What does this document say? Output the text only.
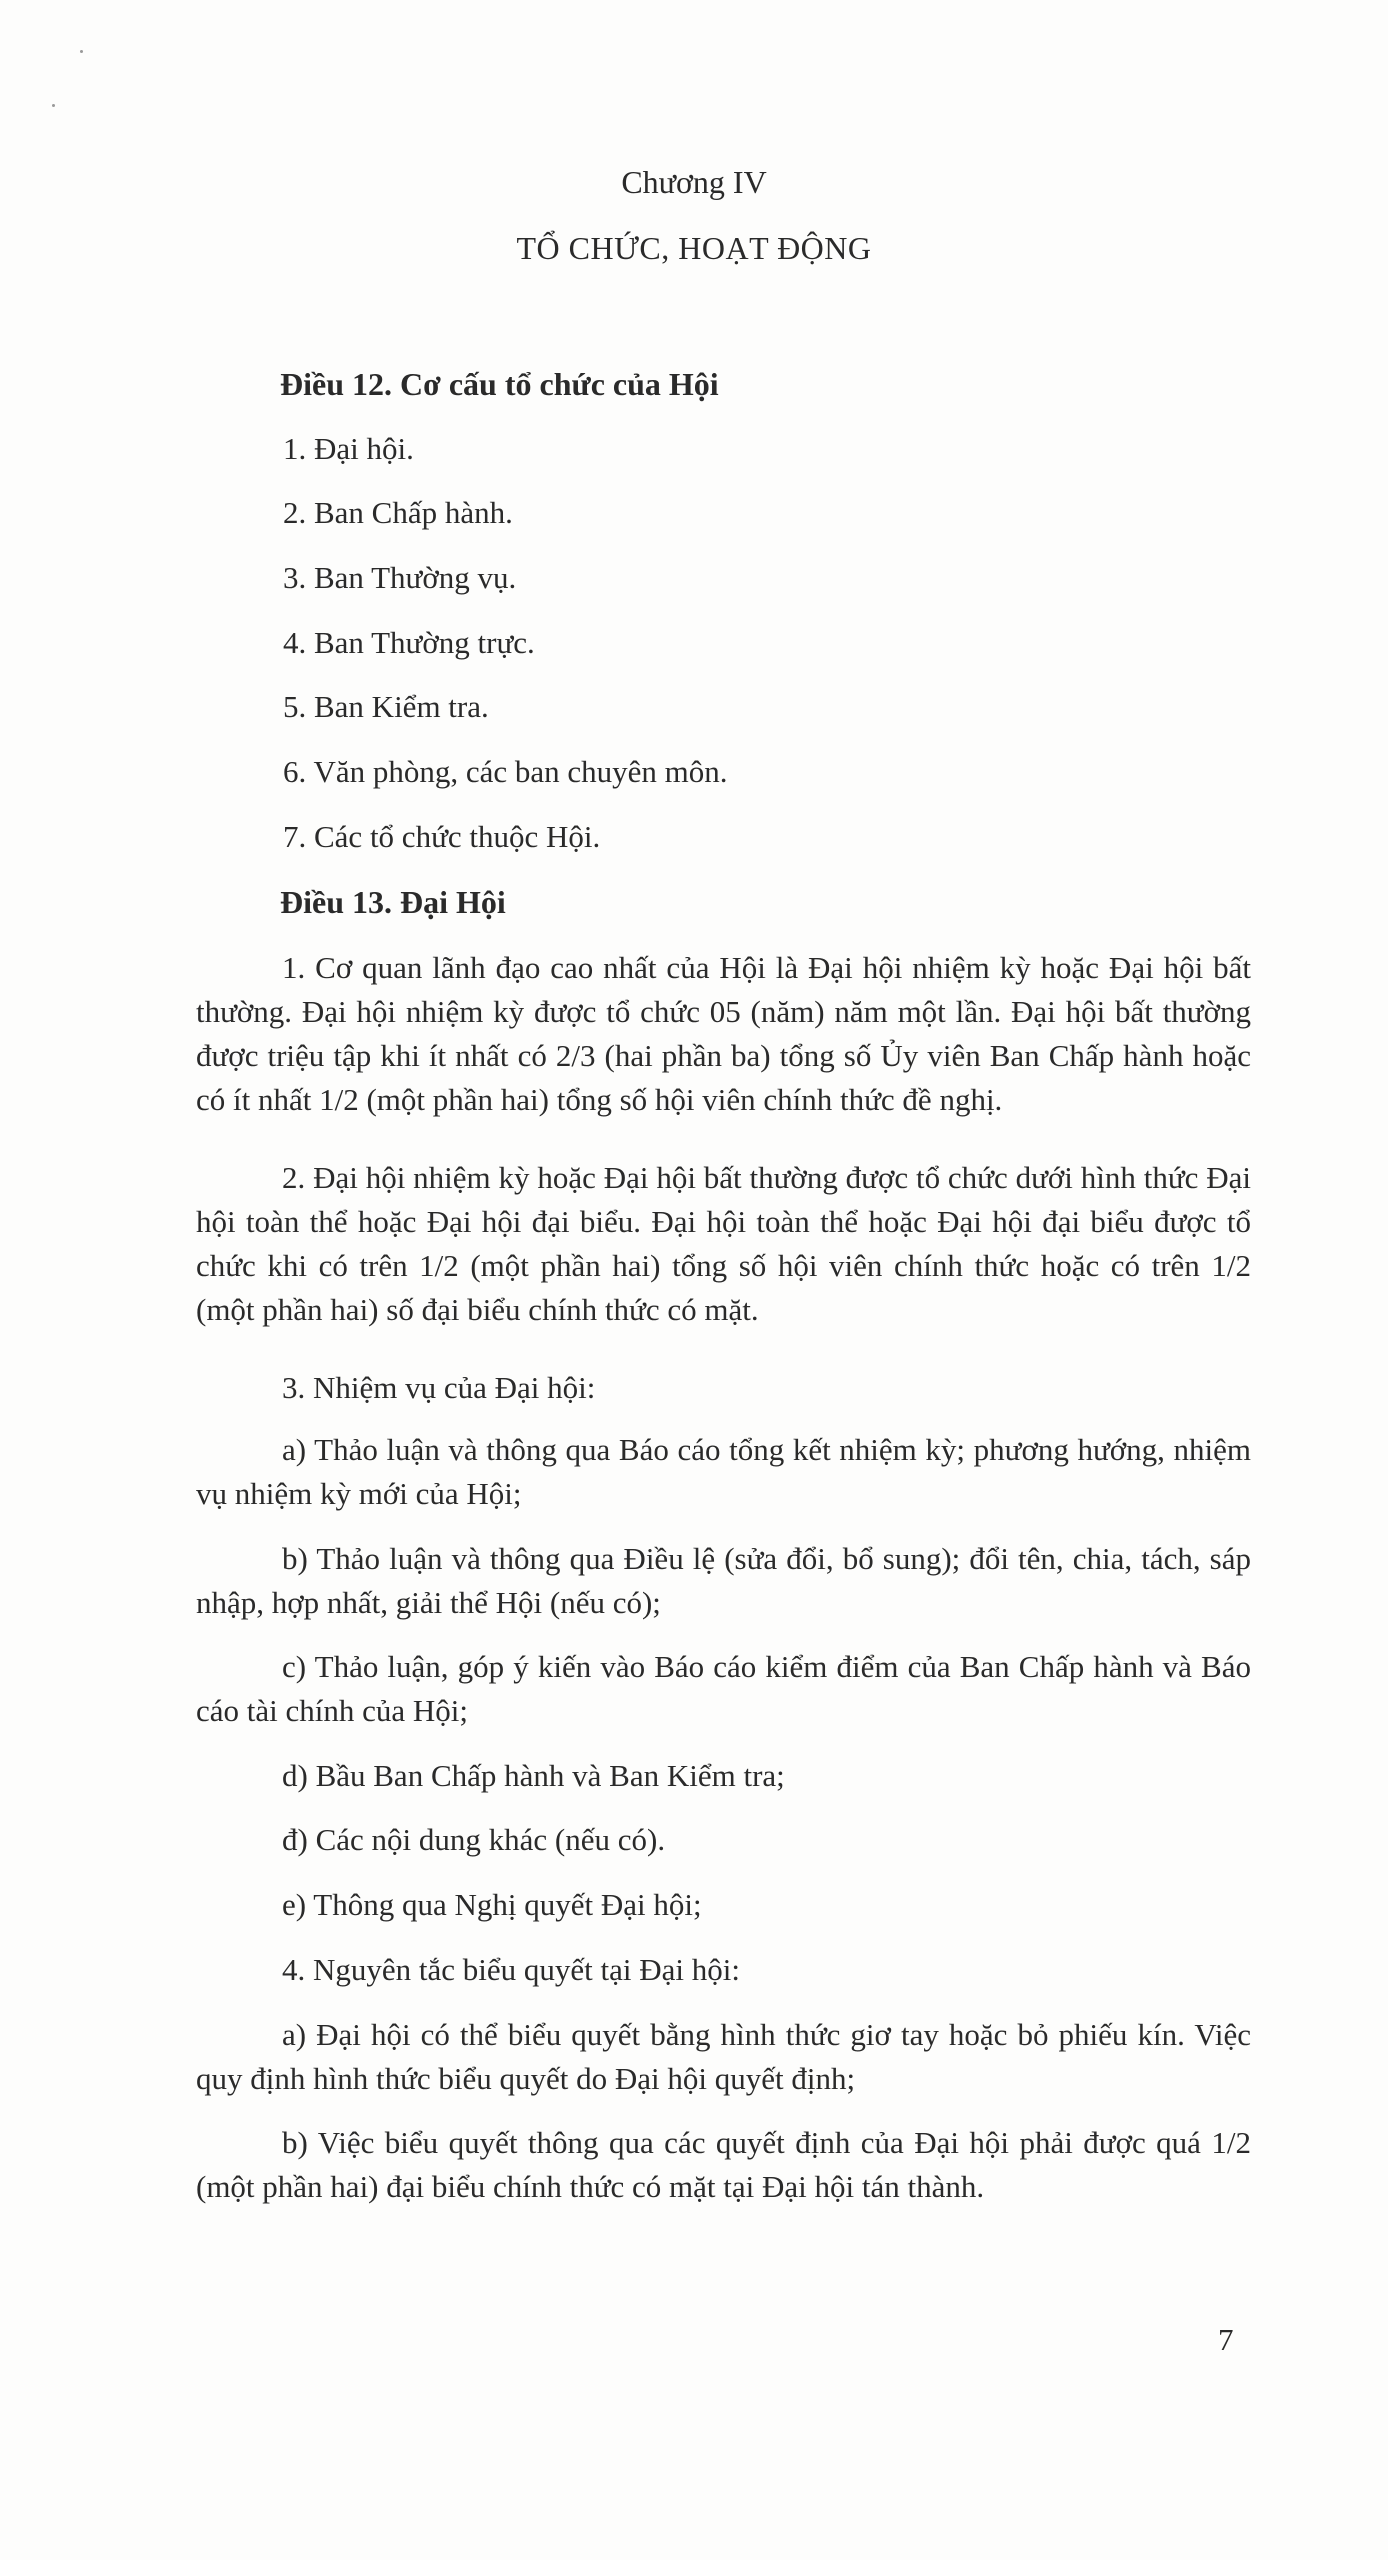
Chương IV
TỔ CHỨC, HOẠT ĐỘNG
Điều 12. Cơ cấu tổ chức của Hội
1. Đại hội.
2. Ban Chấp hành.
3. Ban Thường vụ.
4. Ban Thường trực.
5. Ban Kiểm tra.
6. Văn phòng, các ban chuyên môn.
7. Các tổ chức thuộc Hội.
Điều 13. Đại Hội
1. Cơ quan lãnh đạo cao nhất của Hội là Đại hội nhiệm kỳ hoặc Đại hội bất thường. Đại hội nhiệm kỳ được tổ chức 05 (năm) năm một lần. Đại hội bất thường được triệu tập khi ít nhất có 2/3 (hai phần ba) tổng số Ủy viên Ban Chấp hành hoặc có ít nhất 1/2 (một phần hai) tổng số hội viên chính thức đề nghị.
2. Đại hội nhiệm kỳ hoặc Đại hội bất thường được tổ chức dưới hình thức Đại hội toàn thể hoặc Đại hội đại biểu. Đại hội toàn thể hoặc Đại hội đại biểu được tổ chức khi có trên 1/2 (một phần hai) tổng số hội viên chính thức hoặc có trên 1/2 (một phần hai) số đại biểu chính thức có mặt.
3. Nhiệm vụ của Đại hội:
a) Thảo luận và thông qua Báo cáo tổng kết nhiệm kỳ; phương hướng, nhiệm vụ nhiệm kỳ mới của Hội;
b) Thảo luận và thông qua Điều lệ (sửa đổi, bổ sung); đổi tên, chia, tách, sáp nhập, hợp nhất, giải thể Hội (nếu có);
c) Thảo luận, góp ý kiến vào Báo cáo kiểm điểm của Ban Chấp hành và Báo cáo tài chính của Hội;
d) Bầu Ban Chấp hành và Ban Kiểm tra;
đ) Các nội dung khác (nếu có).
e) Thông qua Nghị quyết Đại hội;
4. Nguyên tắc biểu quyết tại Đại hội:
a) Đại hội có thể biểu quyết bằng hình thức giơ tay hoặc bỏ phiếu kín. Việc quy định hình thức biểu quyết do Đại hội quyết định;
b) Việc biểu quyết thông qua các quyết định của Đại hội phải được quá 1/2 (một phần hai) đại biểu chính thức có mặt tại Đại hội tán thành.
7
